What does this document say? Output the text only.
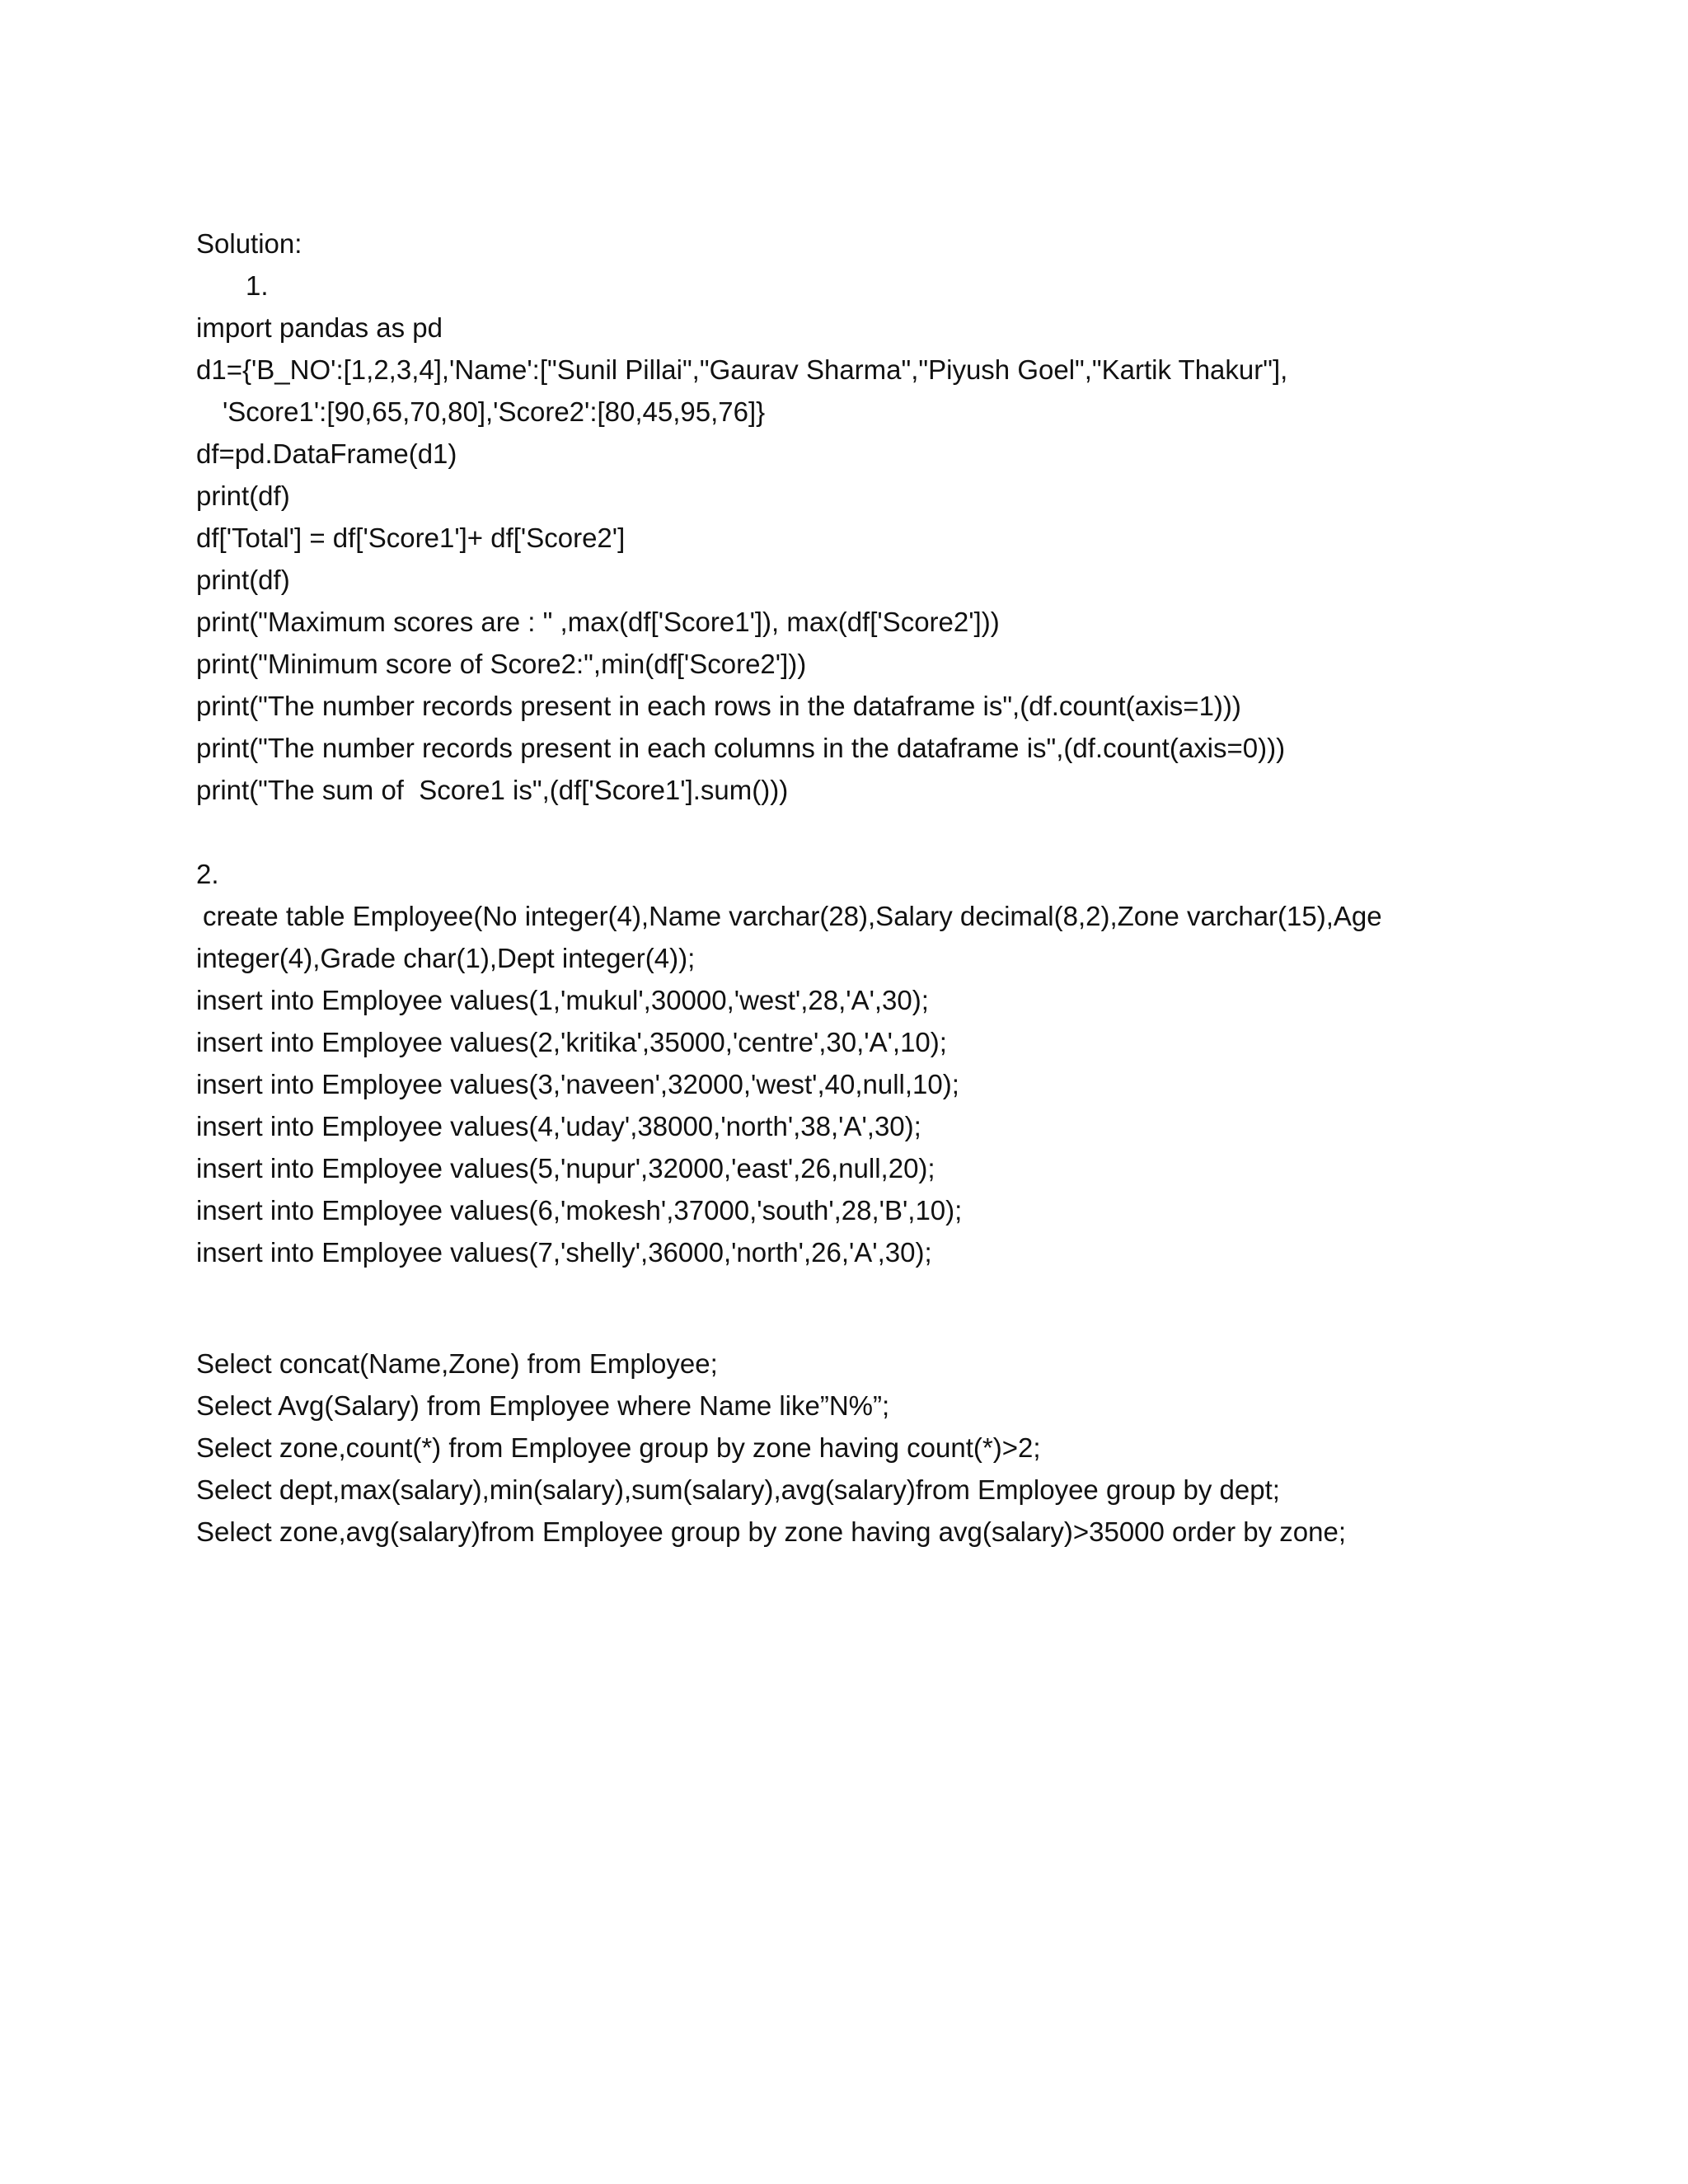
Solution:
1.
import pandas as pd
d1={'B_NO':[1,2,3,4],'Name':["Sunil Pillai","Gaurav Sharma","Piyush Goel","Kartik Thakur"],
'Score1':[90,65,70,80],'Score2':[80,45,95,76]}
df=pd.DataFrame(d1)
print(df)
df['Total'] = df['Score1']+ df['Score2']
print(df)
print("Maximum scores are : " ,max(df['Score1']), max(df['Score2']))
print("Minimum score of Score2:",min(df['Score2']))
print("The number records present in each rows in the dataframe is",(df.count(axis=1)))
print("The number records present in each columns in the dataframe is",(df.count(axis=0)))
print("The sum of  Score1 is",(df['Score1'].sum()))
2.
create table Employee(No integer(4),Name varchar(28),Salary decimal(8,2),Zone varchar(15),Age
integer(4),Grade char(1),Dept integer(4));
insert into Employee values(1,'mukul',30000,'west',28,'A',30);
insert into Employee values(2,'kritika',35000,'centre',30,'A',10);
insert into Employee values(3,'naveen',32000,'west',40,null,10);
insert into Employee values(4,'uday',38000,'north',38,'A',30);
insert into Employee values(5,'nupur',32000,'east',26,null,20);
insert into Employee values(6,'mokesh',37000,'south',28,'B',10);
insert into Employee values(7,'shelly',36000,'north',26,'A',30);
Select concat(Name,Zone) from Employee;
Select Avg(Salary) from Employee where Name like”N%”;
Select zone,count(*) from Employee group by zone having count(*)>2;
Select dept,max(salary),min(salary),sum(salary),avg(salary)from Employee group by dept;
Select zone,avg(salary)from Employee group by zone having avg(salary)>35000 order by zone;
